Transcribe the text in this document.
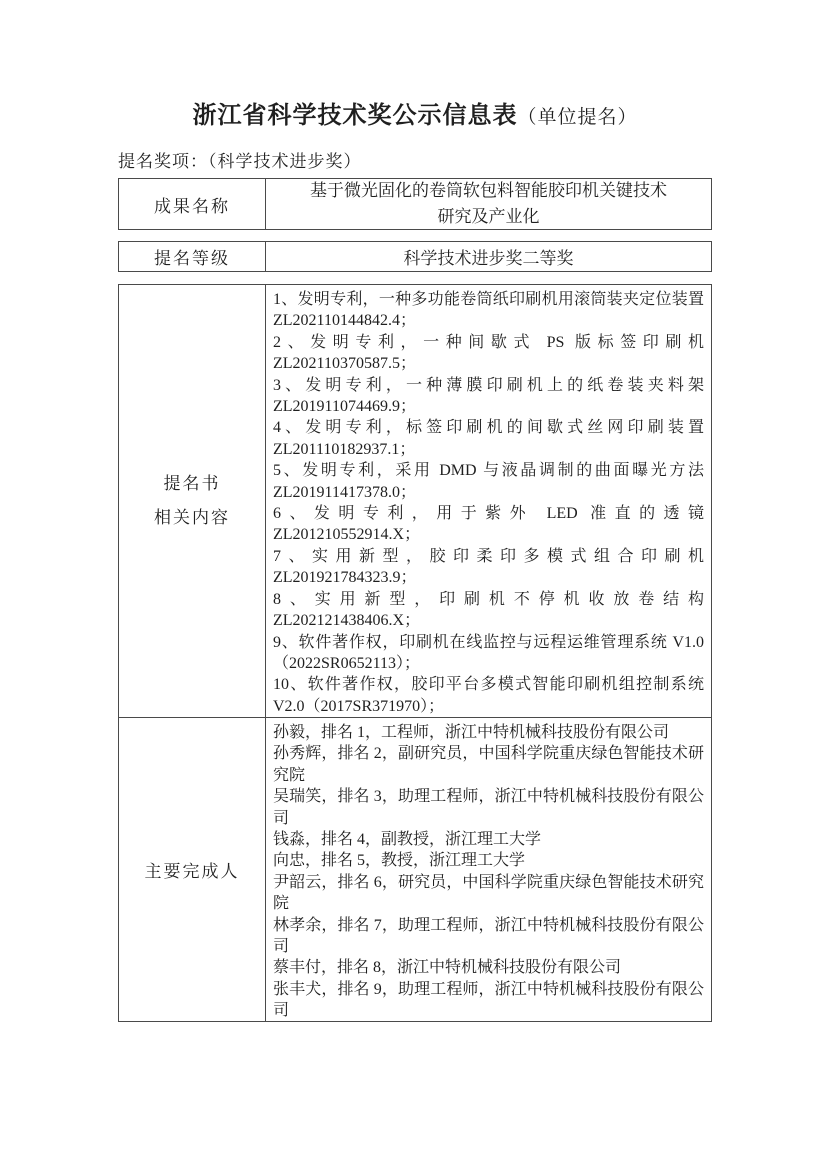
浙江省科学技术奖公示信息表（单位提名）
提名奖项：（科学技术进步奖）
成果名称
基于微光固化的卷筒软包料智能胶印机关键技术
研究及产业化
提名等级	科学技术进步奖二等奖
提名书
相关内容
1、发明专利，一种多功能卷筒纸印刷机用滚筒装夹定位装置 ZL202110144842.4；
2、发明专利，一种间歇式 PS 版标签印刷机 ZL202110370587.5；
3、发明专利，一种薄膜印刷机上的纸卷装夹料架 ZL201911074469.9；
4、发明专利，标签印刷机的间歇式丝网印刷装置 ZL201110182937.1；
5、发明专利，采用 DMD 与液晶调制的曲面曝光方法 ZL201911417378.0；
6、发明专利，用于紫外 LED 准直的透镜 ZL201210552914.X；
7、实用新型，胶印柔印多模式组合印刷机 ZL201921784323.9；
8、实用新型，印刷机不停机收放卷结构 ZL202121438406.X；
9、软件著作权，印刷机在线监控与远程运维管理系统 V1.0（2022SR0652113）；
10、软件著作权，胶印平台多模式智能印刷机组控制系统 V2.0（2017SR371970）；
主要完成人
孙毅，排名 1，工程师，浙江中特机械科技股份有限公司
孙秀辉，排名 2，副研究员，中国科学院重庆绿色智能技术研究院
吴瑞笑，排名 3，助理工程师，浙江中特机械科技股份有限公司
钱淼，排名 4，副教授，浙江理工大学
向忠，排名 5，教授，浙江理工大学
尹韶云，排名 6，研究员，中国科学院重庆绿色智能技术研究院
林孝余，排名 7，助理工程师，浙江中特机械科技股份有限公司
蔡丰付，排名 8，浙江中特机械科技股份有限公司
张丰犬，排名 9，助理工程师，浙江中特机械科技股份有限公司
